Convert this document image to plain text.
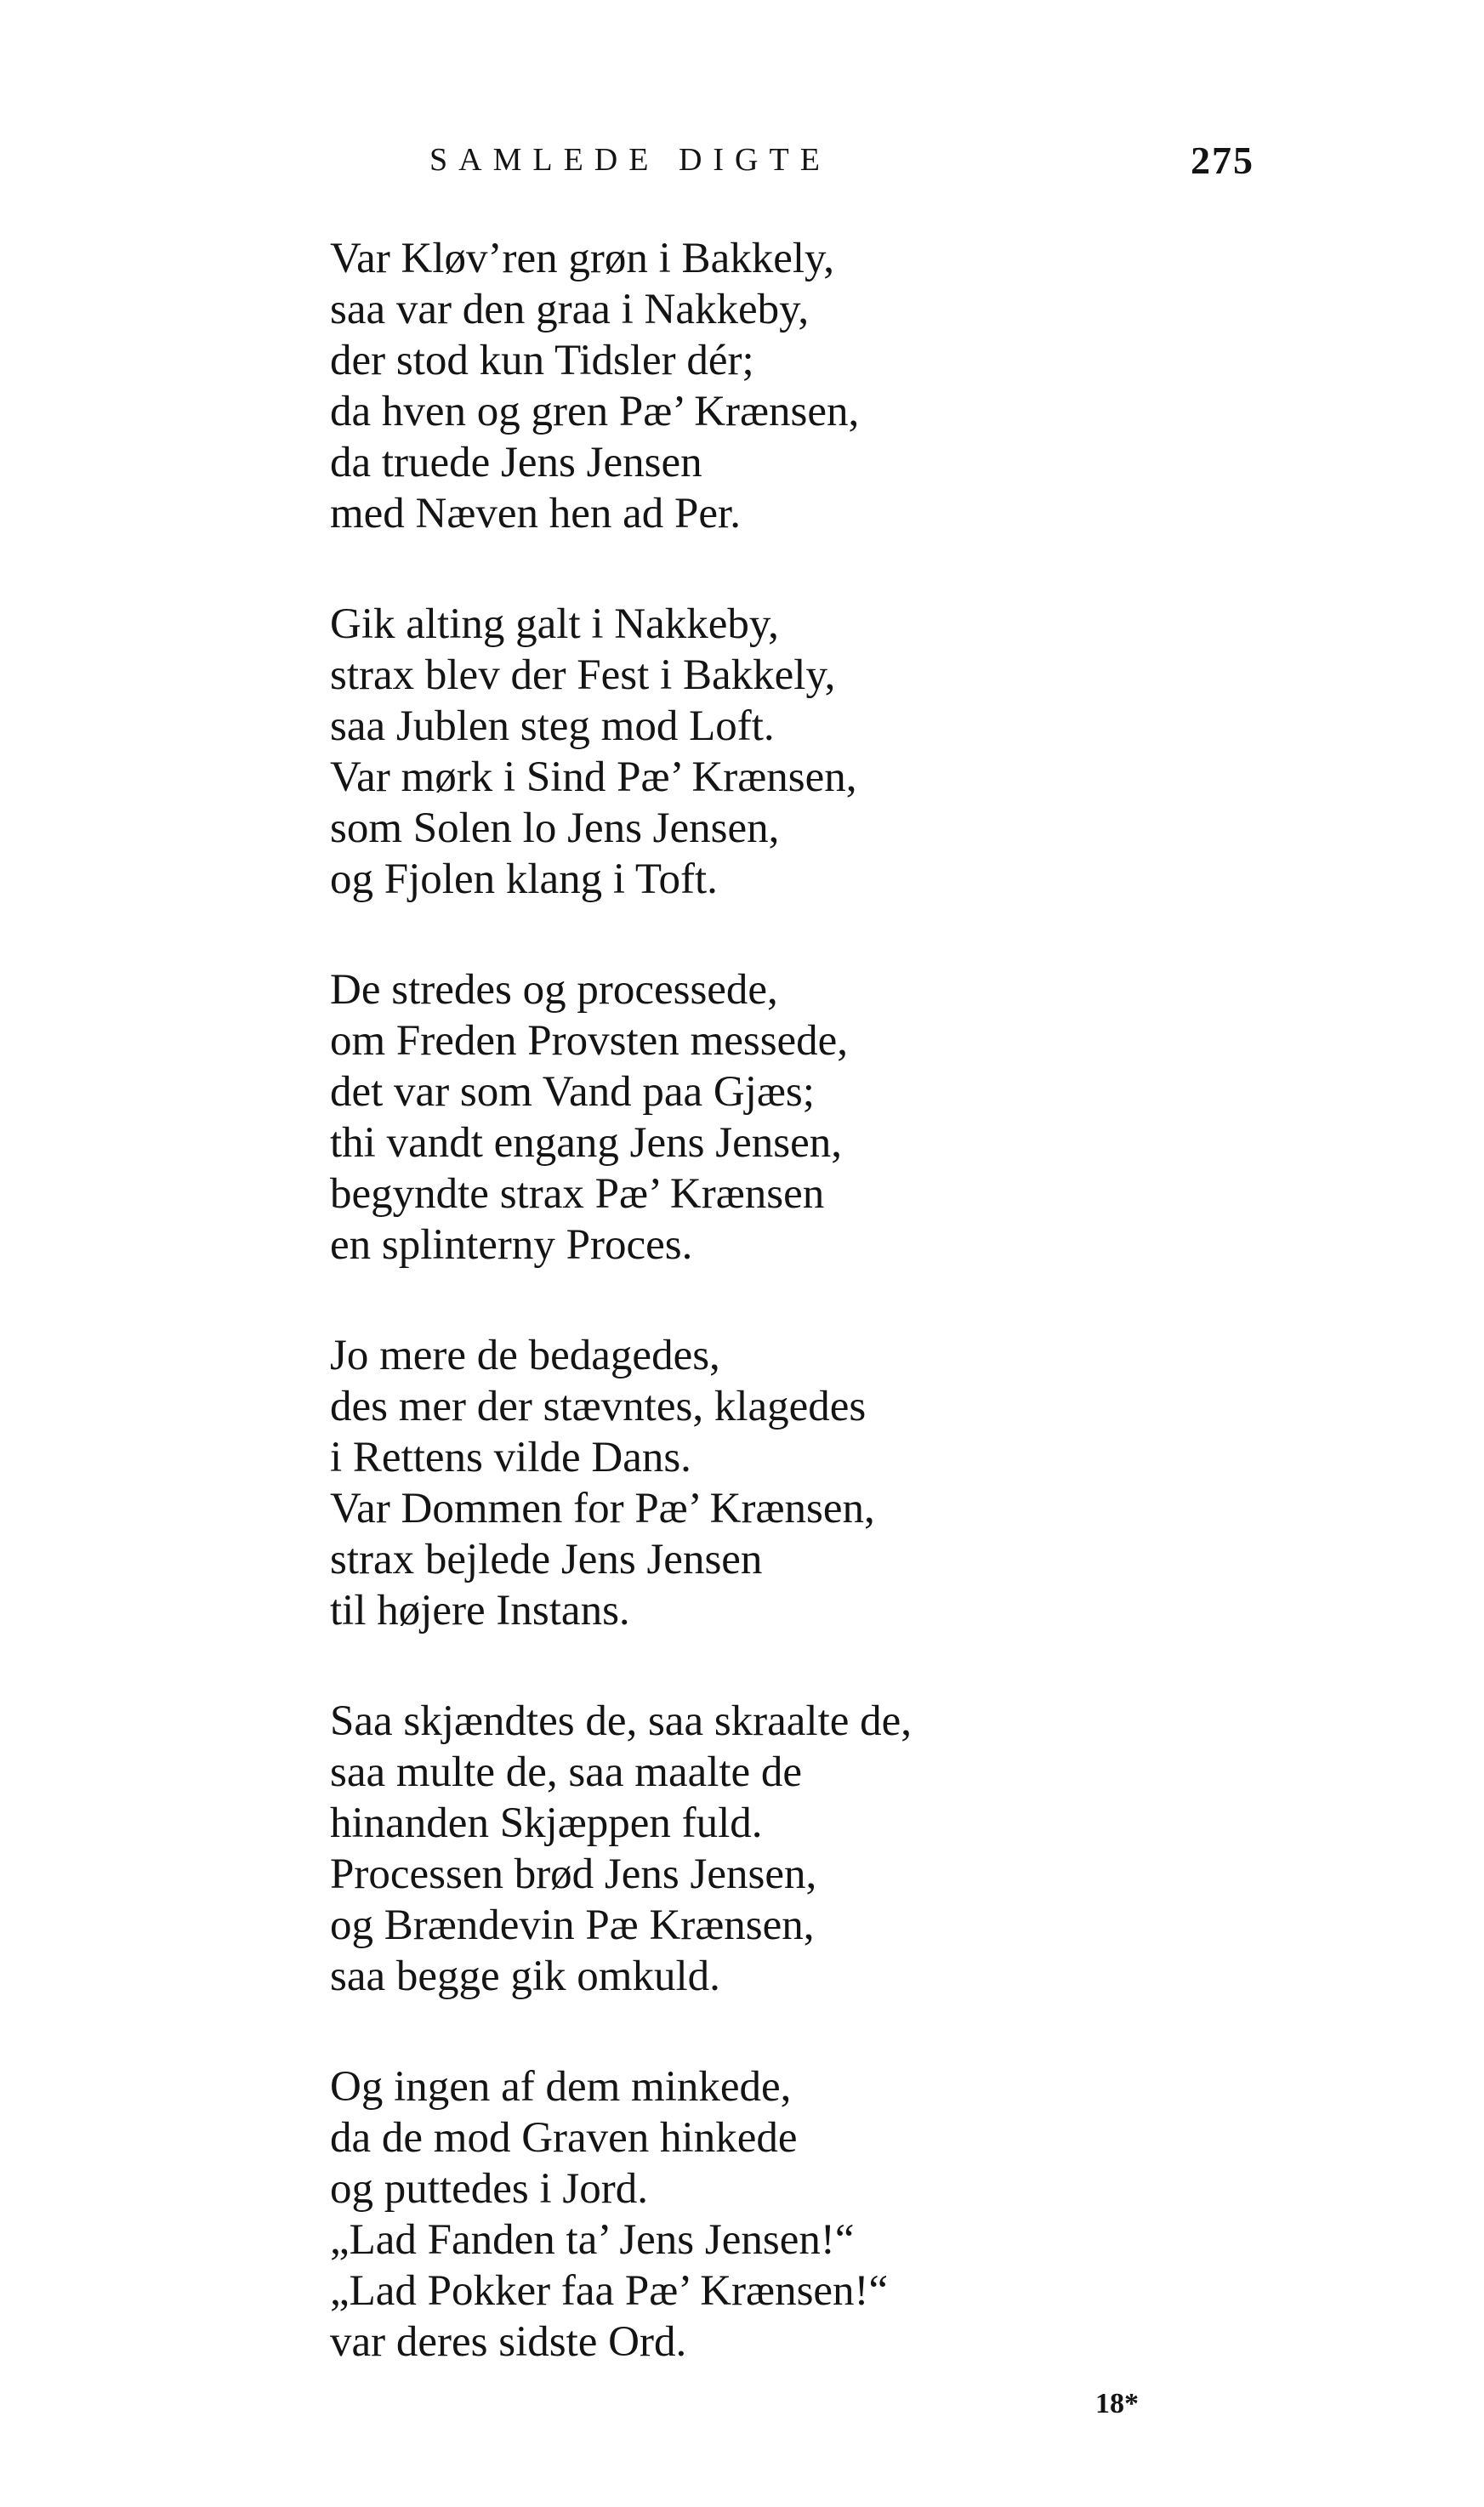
SAMLEDE DIGTE	275
Var Kløv’ren grøn i Bakkely,
saa var den graa i Nakkeby,
der stod kun Tidsler dér;
da hven og gren Pæ’ Krænsen,
da truede Jens Jensen
med Næven hen ad Per.
Gik alting galt i Nakkeby,
strax blev der Fest i Bakkely,
saa Jublen steg mod Loft.
Var mørk i Sind Pæ’ Krænsen,
som Solen lo Jens Jensen,
og Fjolen klang i Toft.
De stredes og processede,
om Freden Provsten messede,
det var som Vand paa Gjæs;
thi vandt engang Jens Jensen,
begyndte strax Pæ’ Krænsen
en splinterny Proces.
Jo mere de bedagedes,
des mer der stævntes, klagedes
i Rettens vilde Dans.
Var Dommen for Pæ’ Krænsen,
strax bejlede Jens Jensen
til højere Instans.
Saa skjændtes de, saa skraalte de,
saa multe de, saa maalte de
hinanden Skjæppen fuld.
Processen brød Jens Jensen,
og Brændevin Pæ Krænsen,
saa begge gik omkuld.
Og ingen af dem minkede,
da de mod Graven hinkede
og puttedes i Jord.
„Lad Fanden ta’ Jens Jensen!“
„Lad Pokker faa Pæ’ Krænsen!“
var deres sidste Ord.
18*
